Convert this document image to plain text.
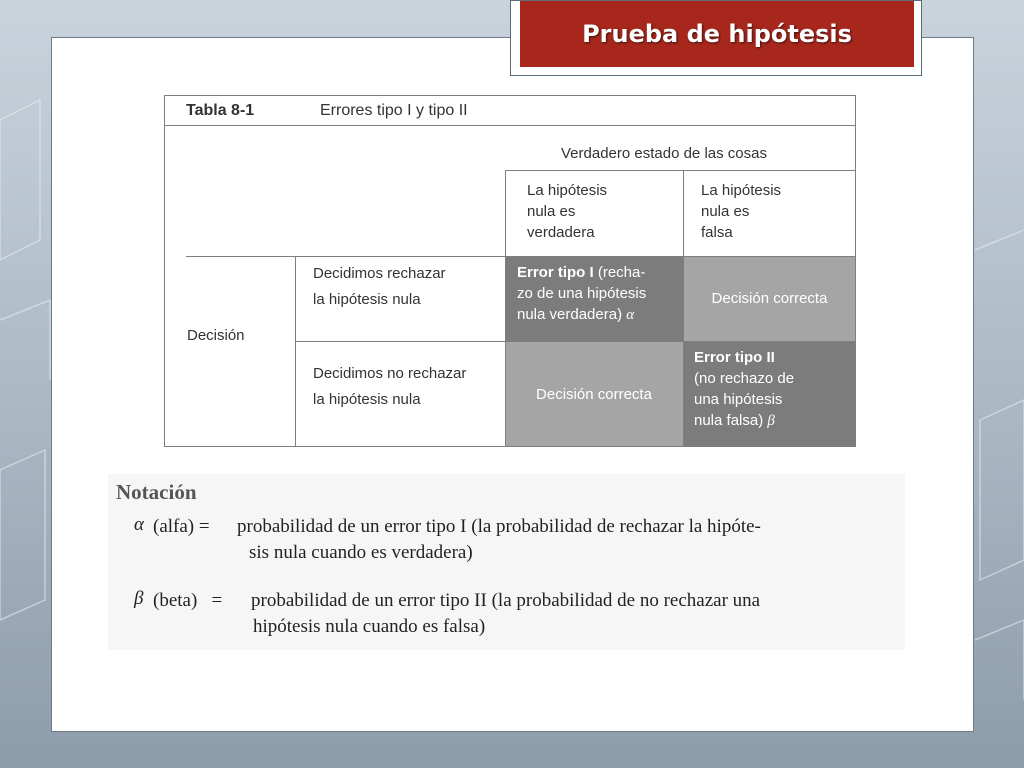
Prueba de hipótesis
Error tipo I (recha-
zo de una hipótesis
nula verdadera) α
Decisión correcta
Decisión correcta
Error tipo II
(no rechazo de
una hipótesis
nula falsa) β
Tabla 8-1	Errores tipo I y tipo II
Verdadero estado de las cosas
La hipótesis
nula es
verdadera
La hipótesis
nula es
falsa
Decisión
Decidimos rechazar
la hipótesis nula
Decidimos no rechazar
la hipótesis nula
Notación
α (alfa) = probabilidad de un error tipo I (la probabilidad de rechazar la hipóte-
sis nula cuando es verdadera)
β (beta)   = probabilidad de un error tipo II (la probabilidad de no rechazar una
hipótesis nula cuando es falsa)
